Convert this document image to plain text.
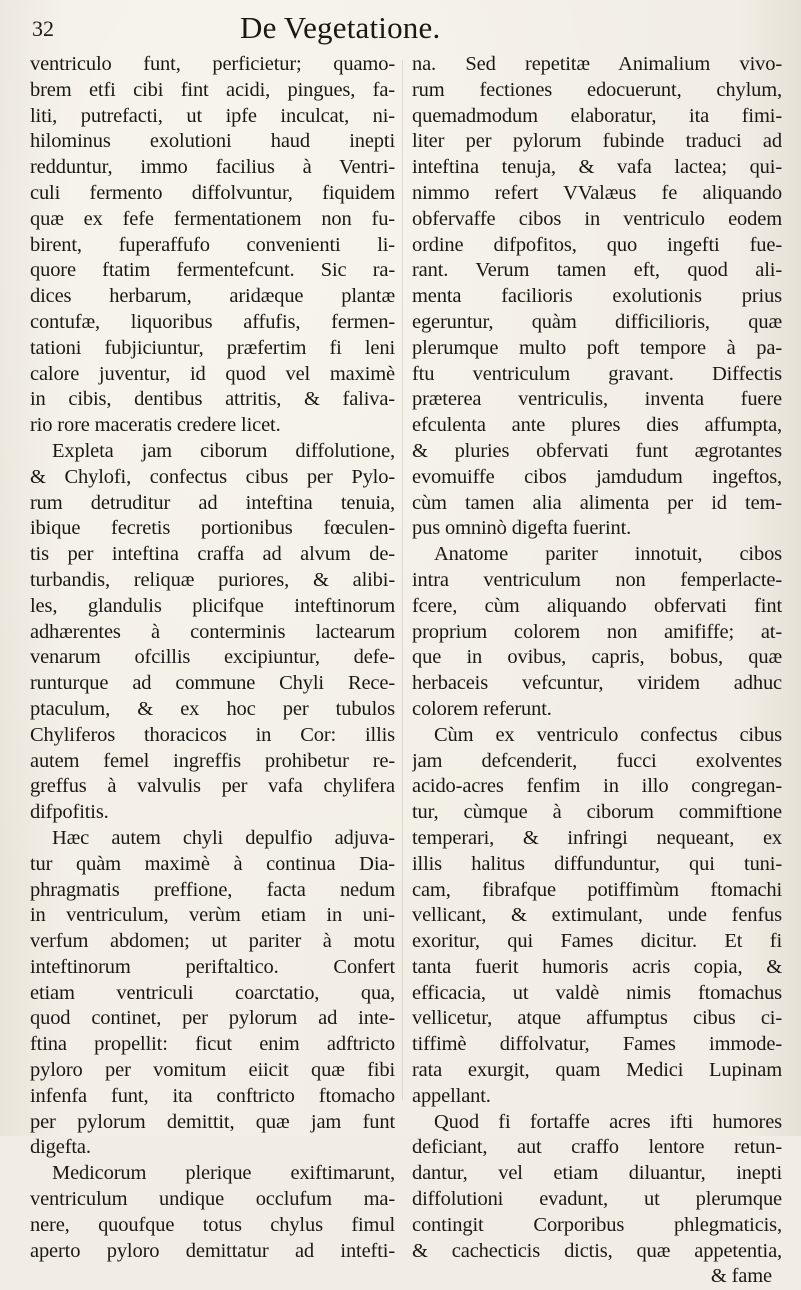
32	De Vegetatione.
ventriculo funt, perficietur; quamo-
brem etfi cibi fint acidi, pingues, fa-
liti, putrefacti, ut ipfe inculcat, ni-
hilominus exolutioni haud inepti
redduntur, immo facilius à Ventri-
culi fermento diffolvuntur, fiquidem
quæ ex fefe fermentationem non fu-
birent, fuperaffufo convenienti li-
quore ftatim fermentefcunt. Sic ra-
dices herbarum, aridæque plantæ
contufæ, liquoribus affufis, fermen-
tationi fubjiciuntur, præfertim fi leni
calore juventur, id quod vel maximè
in cibis, dentibus attritis, & faliva-
rio rore maceratis credere licet.
Expleta jam ciborum diffolutione,
& Chylofi, confectus cibus per Pylo-
rum detruditur ad inteftina tenuia,
ibique fecretis portionibus fœculen-
tis per inteftina craffa ad alvum de-
turbandis, reliquæ puriores, & alibi-
les, glandulis plicifque inteftinorum
adhærentes à conterminis lactearum
venarum ofcillis excipiuntur, defe-
runturque ad commune Chyli Rece-
ptaculum, & ex hoc per tubulos
Chyliferos thoracicos in Cor: illis
autem femel ingreffis prohibetur re-
greffus à valvulis per vafa chylifera
difpofitis.
Hæc autem chyli depulfio adjuva-
tur quàm maximè à continua Dia-
phragmatis preffione, facta nedum
in ventriculum, verùm etiam in uni-
verfum abdomen; ut pariter à motu
inteftinorum periftaltico. Confert
etiam ventriculi coarctatio, qua,
quod continet, per pylorum ad inte-
ftina propellit: ficut enim adftricto
pyloro per vomitum eiicit quæ fibi
infenfa funt, ita conftricto ftomacho
per pylorum demittit, quæ jam funt
digefta.
Medicorum plerique exiftimarunt,
ventriculum undique occlufum ma-
nere, quoufque totus chylus fimul
aperto pyloro demittatur ad intefti-
na. Sed repetitæ Animalium vivo-
rum fectiones edocuerunt, chylum,
quemadmodum elaboratur, ita fimi-
liter per pylorum fubinde traduci ad
inteftina tenuja, & vafa lactea; qui-
nimmo refert VValæus fe aliquando
obfervaffe cibos in ventriculo eodem
ordine difpofitos, quo ingefti fue-
rant. Verum tamen eft, quod ali-
menta facilioris exolutionis prius
egeruntur, quàm difficilioris, quæ
plerumque multo poft tempore à pa-
ftu ventriculum gravant. Diffectis
præterea ventriculis, inventa fuere
efculenta ante plures dies affumpta,
& pluries obfervati funt ægrotantes
evomuiffe cibos jamdudum ingeftos,
cùm tamen alia alimenta per id tem-
pus omninò digefta fuerint.
Anatome pariter innotuit, cibos
intra ventriculum non femperlacte-
fcere, cùm aliquando obfervati fint
proprium colorem non amififfe; at-
que in ovibus, capris, bobus, quæ
herbaceis vefcuntur, viridem adhuc
colorem referunt.
Cùm ex ventriculo confectus cibus
jam defcenderit, fucci exolventes
acido-acres fenfim in illo congregan-
tur, cùmque à ciborum commiftione
temperari, & infringi nequeant, ex
illis halitus diffunduntur, qui tuni-
cam, fibrafque potiffimùm ftomachi
vellicant, & extimulant, unde fenfus
exoritur, qui Fames dicitur. Et fi
tanta fuerit humoris acris copia, &
efficacia, ut valdè nimis ftomachus
vellicetur, atque affumptus cibus ci-
tiffimè diffolvatur, Fames immode-
rata exurgit, quam Medici Lupinam
appellant.
Quod fi fortaffe acres ifti humores
deficiant, aut craffo lentore retun-
dantur, vel etiam diluantur, inepti
diffolutioni evadunt, ut plerumque
contingit Corporibus phlegmaticis,
& cachecticis dictis, quæ appetentia,
& fame
